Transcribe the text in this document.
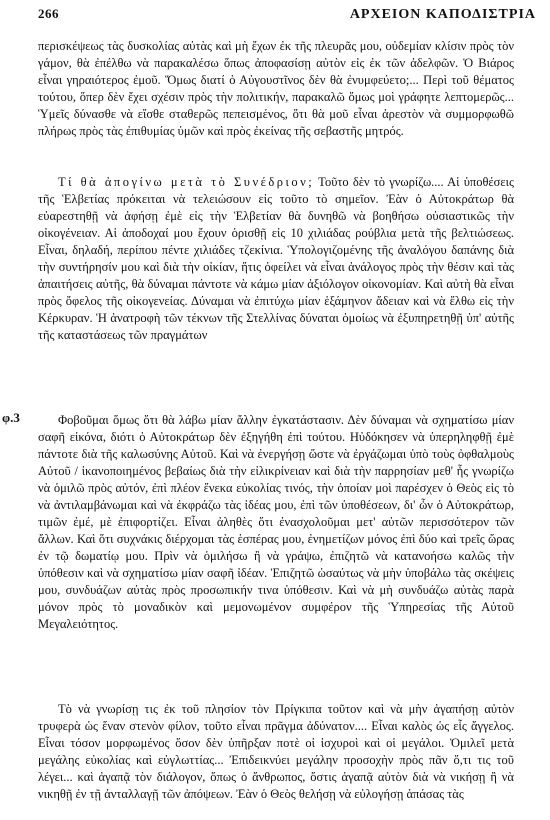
266	ΑΡΧΕΙΟΝ ΚΑΠΟΔΙΣΤΡΙΑ
φ.3

περισκέψεως τὰς δυσκολίας αὐτὰς καὶ μὴ ἔχων ἐκ τῆς πλευρᾶς μου, οὐδεμίαν κλίσιν πρὸς τὸν γάμον, θὰ ἐπέλθω νὰ παρακαλέσω ὅπως ἀποφασίσῃ αὐτὸν εἰς ἐκ τῶν ἀδελφῶν. Ὁ Βιάρος εἶναι γηραιότερος ἐμοῦ. Ὅμως διατί ὁ Αὐγουστῖνος δὲν θὰ ἐνυμφεύετο;... Περὶ τοῦ θέματος τούτου, ὅπερ δὲν ἔχει σχέσιν πρὸς τὴν πολιτικήν, παρακαλῶ ὅμως μοὶ γράφητε λεπτομερῶς... Ὑμεῖς δύνασθε νὰ εἴσθε σταθερῶς πεπεισμένος, ὅτι θὰ μοῦ εἶναι ἀρεστὸν νὰ συμμορφωθῶ πλήρως πρὸς τὰς ἐπιθυμίας ὑμῶν καὶ πρὸς ἐκείνας τῆς σεβαστῆς μητρός.

Τί θὰ ἀπογίνω μετὰ τὸ Συνέδριον; Τοῦτο δὲν τὸ γνωρίζω.... Αἱ ὑποθέσεις τῆς Ἑλβετίας πρόκειται νὰ τελειώσουν εἰς τοῦτο τὸ σημεῖον. Ἐὰν ὁ Αὐτοκράτωρ θὰ εὐαρεστηθῇ νὰ ἀφήσῃ ἐμὲ εἰς τὴν Ἑλβετίαν θὰ δυνηθῶ νὰ βοηθήσω οὐσιαστικῶς τὴν οἰκογένειαν. Αἱ ἀποδοχαί μου ἔχουν ὁρισθῇ εἰς 10 χιλιάδας ρούβλια μετὰ τῆς βελτιώσεως. Εἶναι, δηλαδή, περίπου πέντε χιλιάδες τζεκίνια. Ὑπολογιζομένης τῆς ἀναλόγου δαπάνης διὰ τὴν συντήρησίν μου καὶ διὰ τὴν οἰκίαν, ἥτις ὀφείλει νὰ εἶναι ἀνάλογος πρὸς τὴν θέσιν καὶ τὰς ἀπαιτήσεις αὐτῆς, θὰ δύναμαι πάντοτε νὰ κάμω μίαν ἀξιόλογον οἰκονομίαν. Καὶ αὐτὴ θὰ εἶναι πρὸς ὄφελος τῆς οἰκογενείας. Δύναμαι νὰ ἐπιτύχω μίαν ἑξάμηνον ἄδειαν καὶ νὰ ἔλθω εἰς τὴν Κέρκυραν. Ἡ ἀνατροφὴ τῶν τέκνων τῆς Στελλίνας δύναται ὁμοίως νὰ ἐξυπηρετηθῇ ὑπ' αὐτῆς τῆς καταστάσεως τῶν πραγμάτων

Φοβοῦμαι ὅμως ὅτι θὰ λάβω μίαν ἄλλην ἐγκατάστασιν. Δὲν δύναμαι νὰ σχηματίσω μίαν σαφῆ εἰκόνα, διότι ὁ Αὐτοκράτωρ δὲν ἐξηγήθη ἐπὶ τούτου. Ηὐδόκησεν νὰ ὑπερηληφθῇ ἐμὲ πάντοτε διὰ τῆς καλωσύνης Αὐτοῦ. Καὶ νὰ ἐνεργήσῃ ὥστε νὰ ἐργάζωμαι ὑπὸ τοὺς ὀφθαλμοὺς Αὐτοῦ / ἱκανοποιημένος βεβαίως διὰ τὴν εἰλικρίνειαν καὶ διὰ τὴν παρρησίαν μεθ' ἧς γνωρίζω νὰ ὁμιλῶ πρὸς αὐτόν, ἐπὶ πλέον ἕνεκα εὐκολίας τινός, τὴν ὁποίαν μοὶ παρέσχεν ὁ Θεὸς εἰς τὸ νὰ ἀντιλαμβάνωμαι καὶ νὰ ἐκφράζω τὰς ἰδέας μου, ἐπὶ τῶν ὑποθέσεων, δι' ὧν ὁ Αὐτοκράτωρ, τιμῶν ἐμέ, μὲ ἐπιφορτίζει. Εἶναι ἀληθὲς ὅτι ἐνασχολοῦμαι μετ' αὐτῶν περισσότερον τῶν ἄλλων. Καὶ ὅτι συχνάκις διέρχομαι τὰς ἑσπέρας μου, ἐνημετίζων μόνος ἐπὶ δύο καὶ τρεῖς ὥρας ἐν τῷ δωματίῳ μου. Πρὶν νὰ ὁμιλήσω ἢ νὰ γράψω, ἐπιζητῶ νὰ κατανοήσω καλῶς τὴν ὑπόθεσιν καὶ νὰ σχηματίσω μίαν σαφῆ ἰδέαν. Ἐπιζητῶ ὡσαύτως νὰ μὴν ὑποβάλω τὰς σκέψεις μου, συνδυάζων αὐτὰς πρὸς προσωπικήν τινα ὑπόθεσιν. Καὶ νὰ μὴ συνδυάζω αὐτὰς παρὰ μόνον πρὸς τὸ μοναδικὸν καὶ μεμονωμένον συμφέρον τῆς Ὑπηρεσίας τῆς Αὐτοῦ Μεγαλειότητος.

Τὸ νὰ γνωρίσῃ τις ἐκ τοῦ πλησίον τὸν Πρίγκιπα τοῦτον καὶ νὰ μὴν ἀγαπήσῃ αὐτὸν τρυφερὰ ὡς ἕναν στενὸν φίλον, τοῦτο εἶναι πρᾶγμα ἀδύνατον.... Εἶναι καλὸς ὡς εἷς ἄγγελος. Εἶναι τόσον μορφωμένος ὅσον δὲν ὑπῆρξαν ποτὲ οἱ ἰσχυροὶ καὶ οἱ μεγάλοι. Ὁμιλεῖ μετὰ μεγάλης εὐκολίας καὶ εὐγλωττίας... Ἐπιδεικνύει μεγάλην προσοχὴν πρὸς πᾶν ὅ,τι τις τοῦ λέγει... καὶ ἀγαπᾷ τὸν διάλογον, ὅπως ὁ ἄνθρωπος, ὅστις ἀγαπᾷ αὐτὸν διὰ νὰ νικήσῃ ἢ νὰ νικηθῇ ἐν τῇ ἀνταλλαγῇ τῶν ἀπόψεων. Ἐὰν ὁ Θεὸς θελήσῃ νὰ εὐλογήσῃ ἁπάσας τὰς
